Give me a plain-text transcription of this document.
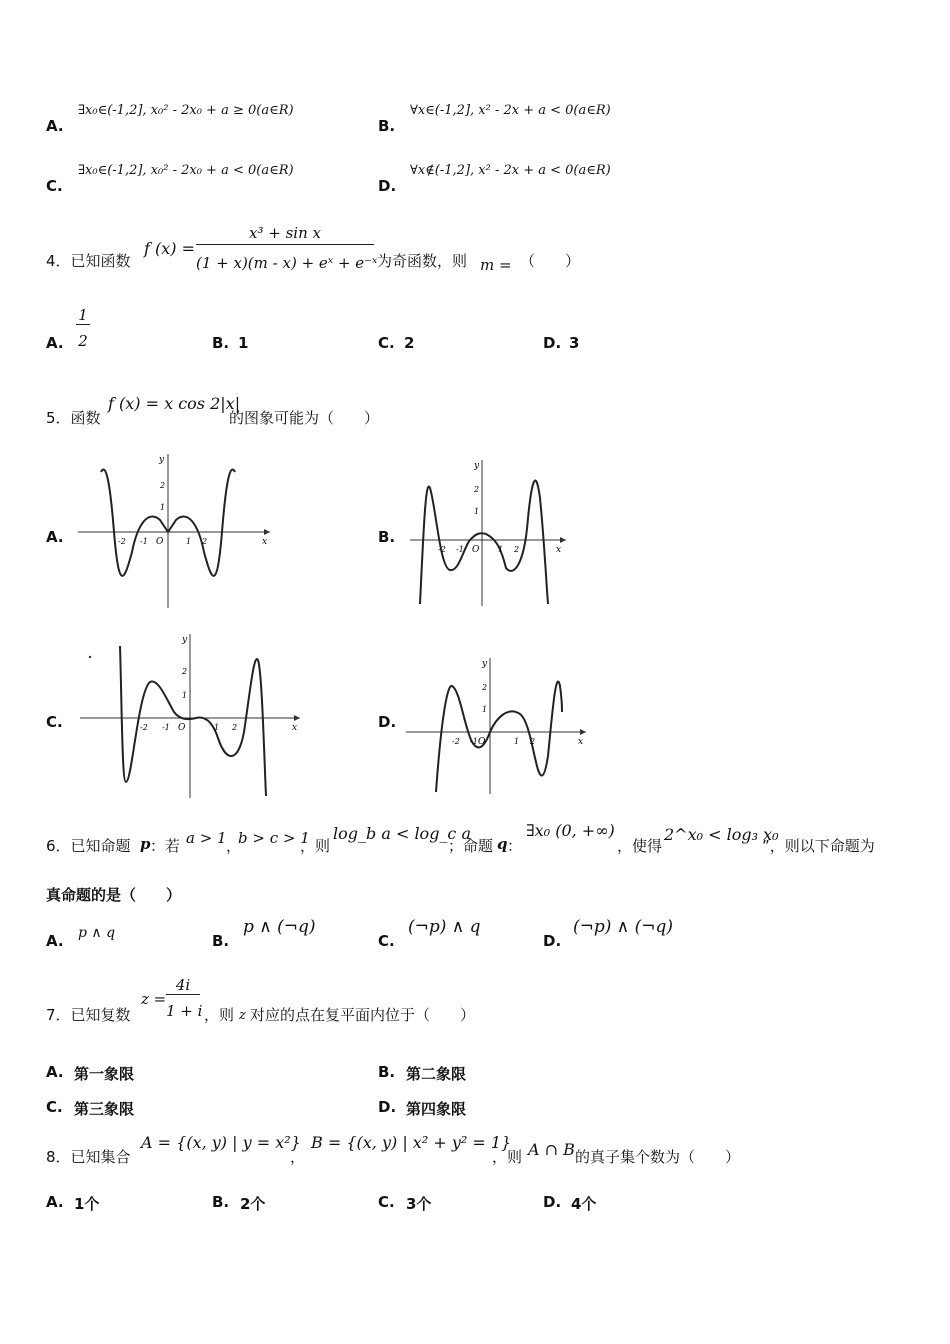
A.
∃x₀∈(-1,2], x₀² - 2x₀ + a ≥ 0(a∈R)
B.
∀x∈(-1,2], x² - 2x + a < 0(a∈R)
C.
∃x₀∈(-1,2], x₀² - 2x₀ + a < 0(a∈R)
D.
∀x∉(-1,2], x² - 2x + a < 0(a∈R)
4．已知函数
f (x) =
x³ + sin x
(1 + x)(m - x) + eˣ + e⁻ˣ 为奇函数，则 m = （　　）
A.
1
2	B. 1	C. 2	D. 3
5．函数
f (x) = x cos 2|x|
的图象可能为（　　）
A.	x
y
O
-2 -1	1 2
2
1
B.
x
y
O
-2 -1	1 2
2
1
C.	x
y
O
-2 -1	1 2
2
1
D.
x
y
O
-2 -1	1 2
2
1
6．已知命题 p ：若 a > 1 ，
b > c > 1
，则
log_b a < log_c a
；命题 q ：
∃x₀ (0, +∞)
，使得
2^x₀ < log₃ x₀
”，则以下命题为
真命题的是（　　）
A. p ∧ q	B.
p ∧ (¬q)
C.
(¬p) ∧ q
D.
(¬p) ∧ (¬q)
7．已知复数
z =
4i
1 + i ，则 z 对应的点在复平面内位于（　　）
A. 第一象限	B. 第二象限
C. 第三象限	D. 第四象限
8．已知集合
A = {(x, y) | y = x²}
，
B = {(x, y) | x² + y² = 1}
，则 A ∩ B 的真子集个数为（　　）
A. 1个	B. 2个	C. 3个	D. 4个
